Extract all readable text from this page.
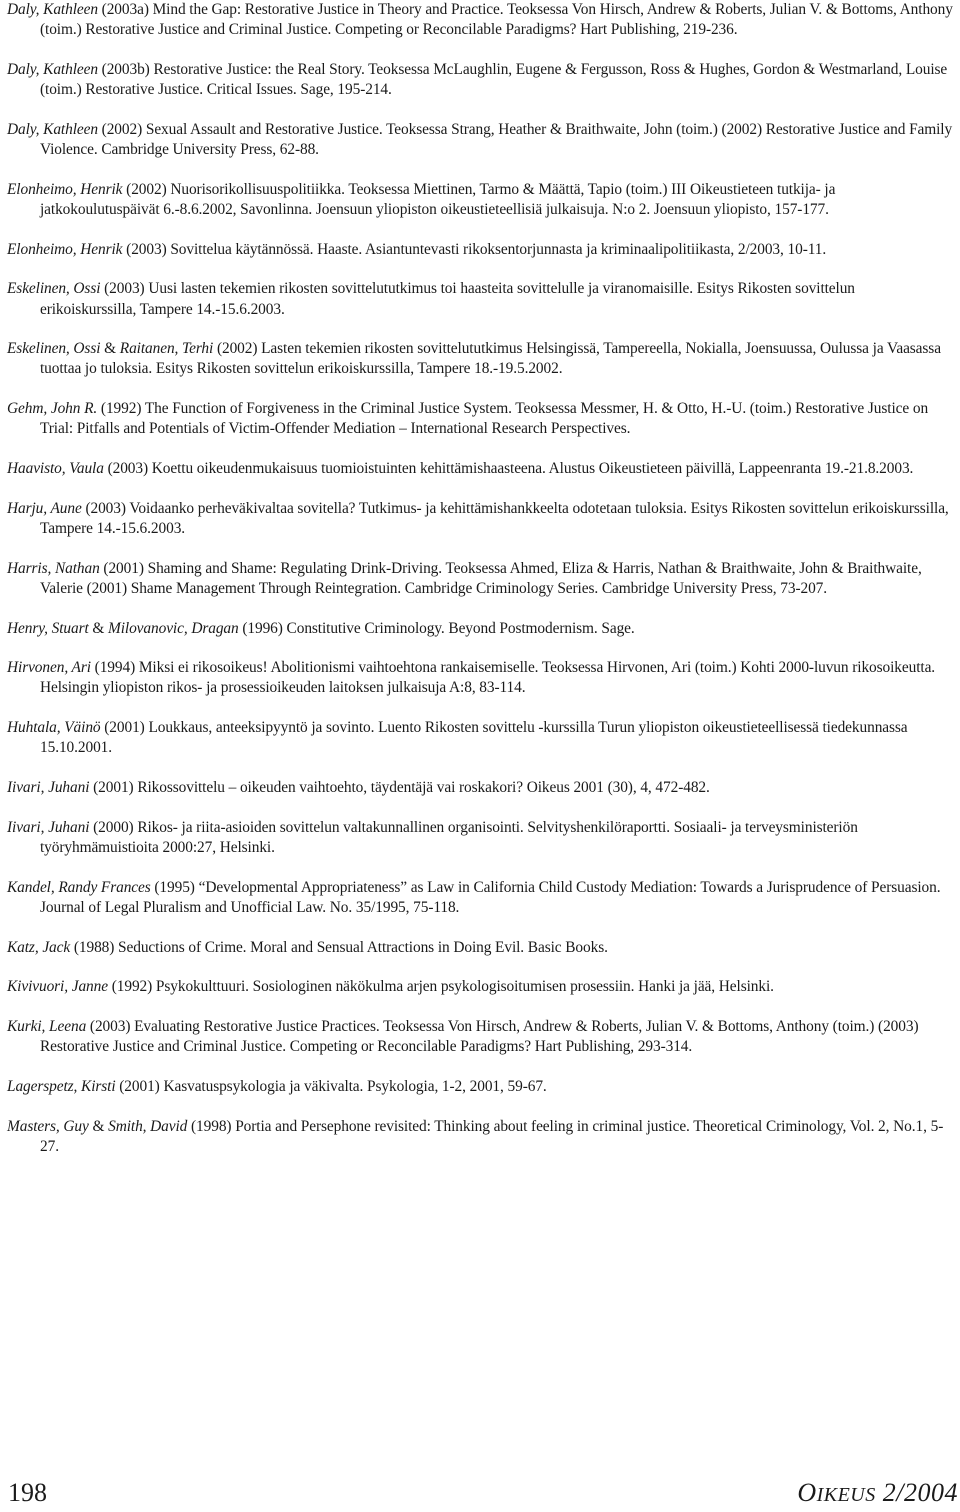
Daly, Kathleen (2003a) Mind the Gap: Restorative Justice in Theory and Practice. Teoksessa Von Hirsch, Andrew & Roberts, Julian V. & Bottoms, Anthony (toim.) Restorative Justice and Criminal Justice. Competing or Reconcilable Paradigms? Hart Publishing, 219-236.

Daly, Kathleen (2003b) Restorative Justice: the Real Story. Teoksessa McLaughlin, Eugene & Fergusson, Ross & Hughes, Gordon & Westmarland, Louise (toim.) Restorative Justice. Critical Issues. Sage, 195-214.

Daly, Kathleen (2002) Sexual Assault and Restorative Justice. Teoksessa Strang, Heather & Braithwaite, John (toim.) (2002) Restorative Justice and Family Violence. Cambridge University Press, 62-88.

Elonheimo, Henrik (2002) Nuorisorikollisuuspolitiikka. Teoksessa Miettinen, Tarmo & Määttä, Tapio (toim.) III Oikeustieteen tutkija- ja jatkokoulutuspäivät 6.-8.6.2002, Savonlinna. Joensuun yliopiston oikeustieteellisiä julkaisuja. N:o 2. Joensuun yliopisto, 157-177.

Elonheimo, Henrik (2003) Sovittelua käytännössä. Haaste. Asiantuntevasti rikoksentorjunnasta ja kriminaalipolitiikasta, 2/2003, 10-11.

Eskelinen, Ossi (2003) Uusi lasten tekemien rikosten sovittelututkimus toi haasteita sovittelulle ja viranomaisille. Esitys Rikosten sovittelun erikoiskurssilla, Tampere 14.-15.6.2003.

Eskelinen, Ossi & Raitanen, Terhi (2002) Lasten tekemien rikosten sovittelututkimus Helsingissä, Tampereella, Nokialla, Joensuussa, Oulussa ja Vaasassa tuottaa jo tuloksia. Esitys Rikosten sovittelun erikoiskurssilla, Tampere 18.-19.5.2002.

Gehm, John R. (1992) The Function of Forgiveness in the Criminal Justice System. Teoksessa Messmer, H. & Otto, H.-U. (toim.) Restorative Justice on Trial: Pitfalls and Potentials of Victim-Offender Mediation – International Research Perspectives.

Haavisto, Vaula (2003) Koettu oikeudenmukaisuus tuomioistuinten kehittämishaasteena. Alustus Oikeustieteen päivillä, Lappeenranta 19.-21.8.2003.

Harju, Aune (2003) Voidaanko perheväkivaltaa sovitella? Tutkimus- ja kehittämishankkeelta odotetaan tuloksia. Esitys Rikosten sovittelun erikoiskurssilla, Tampere 14.-15.6.2003.

Harris, Nathan (2001) Shaming and Shame: Regulating Drink-Driving. Teoksessa Ahmed, Eliza & Harris, Nathan & Braithwaite, John & Braithwaite, Valerie (2001) Shame Management Through Reintegration. Cambridge Criminology Series. Cambridge University Press, 73-207.

Henry, Stuart & Milovanovic, Dragan (1996) Constitutive Criminology. Beyond Postmodernism. Sage.

Hirvonen, Ari (1994) Miksi ei rikosoikeus! Abolitionismi vaihtoehtona rankaisemiselle. Teoksessa Hirvonen, Ari (toim.) Kohti 2000-luvun rikosoikeutta. Helsingin yliopiston rikos- ja prosessioikeuden laitoksen julkaisuja A:8, 83-114.

Huhtala, Väinö (2001) Loukkaus, anteeksipyyntö ja sovinto. Luento Rikosten sovittelu -kurssilla Turun yliopiston oikeustieteellisessä tiedekunnassa 15.10.2001.

Iivari, Juhani (2001) Rikossovittelu – oikeuden vaihtoehto, täydentäjä vai roskakori? Oikeus 2001 (30), 4, 472-482.

Iivari, Juhani (2000) Rikos- ja riita-asioiden sovittelun valtakunnallinen organisointi. Selvityshenkilöraportti. Sosiaali- ja terveysministeriön työryhmämuistioita 2000:27, Helsinki.

Kandel, Randy Frances (1995) “Developmental Appropriateness” as Law in California Child Custody Mediation: Towards a Jurisprudence of Persuasion. Journal of Legal Pluralism and Unofficial Law. No. 35/1995, 75-118.

Katz, Jack (1988) Seductions of Crime. Moral and Sensual Attractions in Doing Evil. Basic Books.

Kivivuori, Janne (1992) Psykokulttuuri. Sosiologinen näkökulma arjen psykologisoitumisen prosessiin. Hanki ja jää, Helsinki.

Kurki, Leena (2003) Evaluating Restorative Justice Practices. Teoksessa Von Hirsch, Andrew & Roberts, Julian V. & Bottoms, Anthony (toim.) (2003) Restorative Justice and Criminal Justice. Competing or Reconcilable Paradigms? Hart Publishing, 293-314.

Lagerspetz, Kirsti (2001) Kasvatuspsykologia ja väkivalta. Psykologia, 1-2, 2001, 59-67.

Masters, Guy & Smith, David (1998) Portia and Persephone revisited: Thinking about feeling in criminal justice. Theoretical Criminology, Vol. 2, No.1, 5-27.

198	OIKEUS 2/2004
